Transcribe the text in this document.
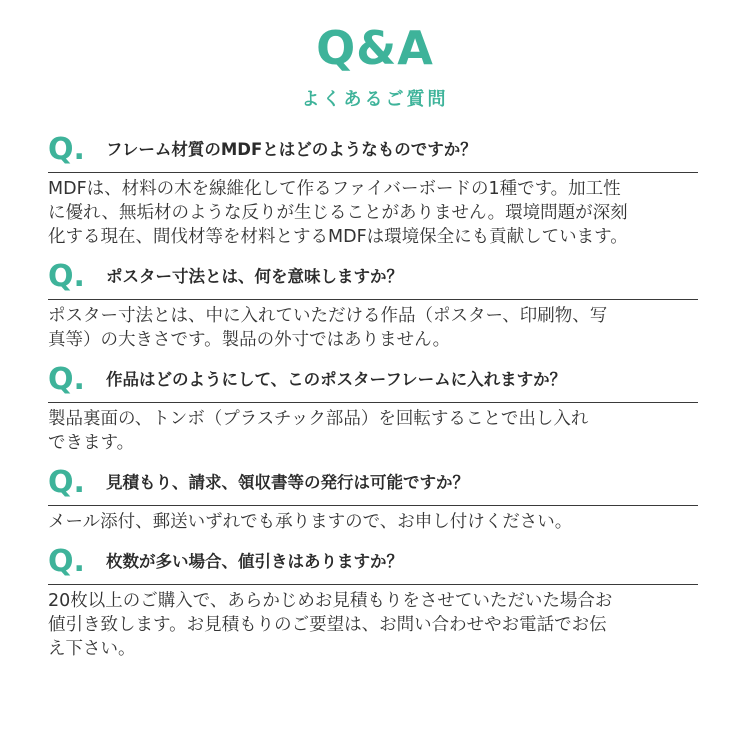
Q&A
よくあるご質問
Q.	フレーム材質のMDFとはどのようなものですか？
MDFは、材料の木を線維化して作るファイバーボードの1種です。加工性
に優れ、無垢材のような反りが生じることがありません。環境問題が深刻
化する現在、間伐材等を材料とするMDFは環境保全にも貢献しています。
Q.	ポスター寸法とは、何を意味しますか？
ポスター寸法とは、中に入れていただける作品（ポスター、印刷物、写
真等）の大きさです。製品の外寸ではありません。
Q.	作品はどのようにして、このポスターフレームに入れますか？
製品裏面の、トンボ（プラスチック部品）を回転することで出し入れ
できます。
Q.	見積もり、請求、領収書等の発行は可能ですか？
メール添付、郵送いずれでも承りますので、お申し付けください。
Q.	枚数が多い場合、値引きはありますか？
20枚以上のご購入で、あらかじめお見積もりをさせていただいた場合お
値引き致します。お見積もりのご要望は、お問い合わせやお電話でお伝
え下さい。
